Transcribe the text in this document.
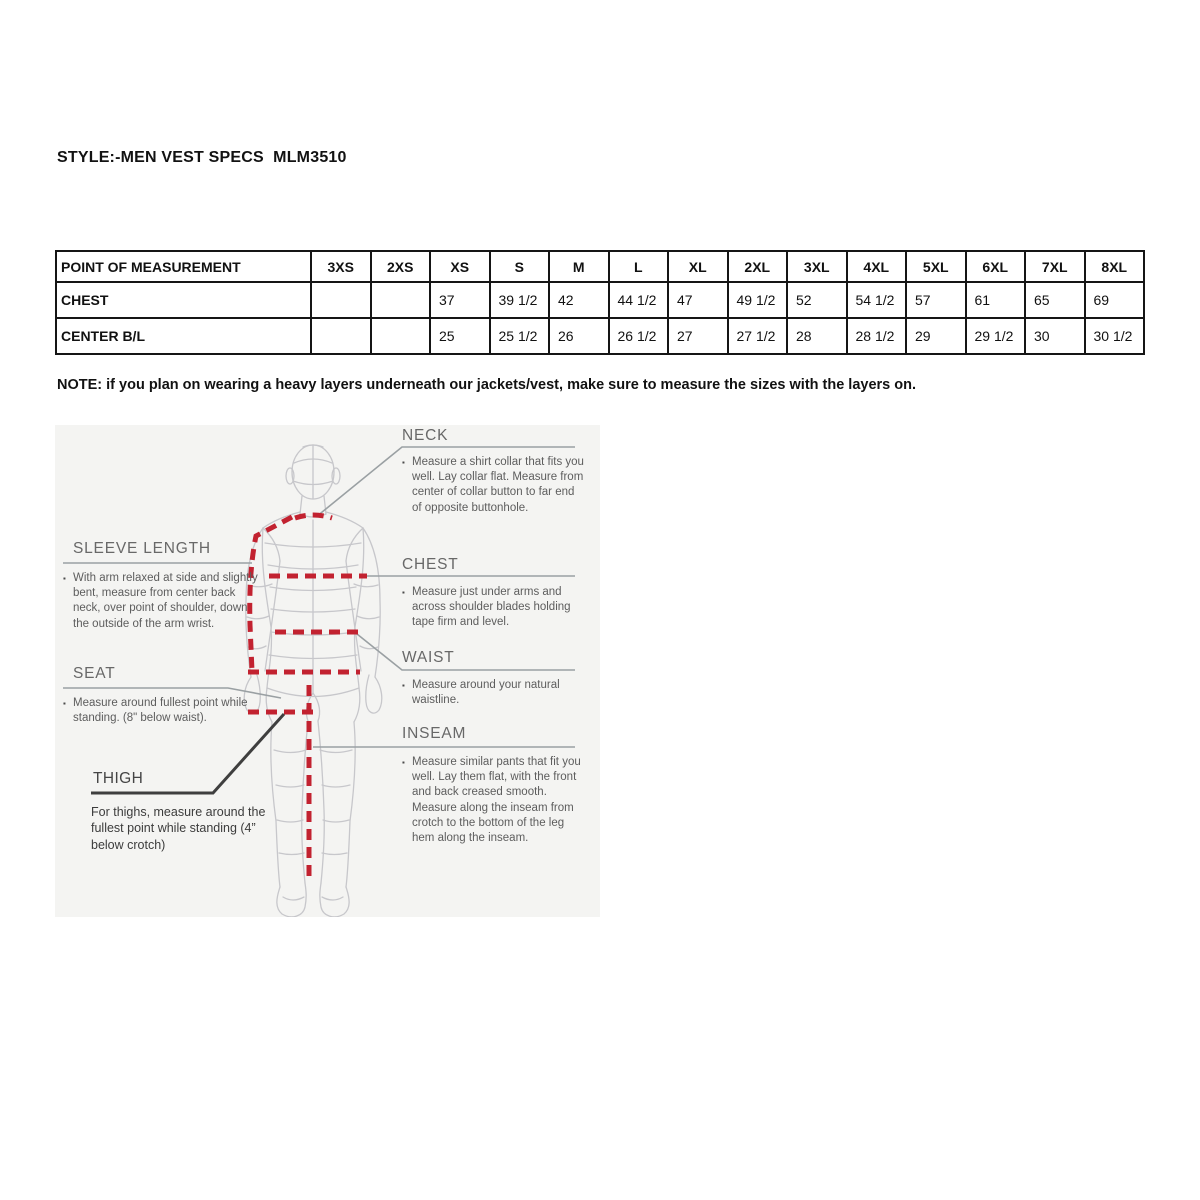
STYLE:-MEN VEST SPECS  MLM3510
POINT OF MEASUREMENT	3XS	2XS	XS	S	M	L	XL	2XL	3XL	4XL	5XL	6XL	7XL	8XL
CHEST			37	39 1/2	42	44 1/2	47	49 1/2	52	54 1/2	57	61	65	69
CENTER B/L			25	25 1/2	26	26 1/2	27	27 1/2	28	28 1/2	29	29 1/2	30	30 1/2
NOTE: if you plan on wearing a heavy layers underneath our jackets/vest, make sure to measure the sizes with the layers on.
NECK
▪ Measure a shirt collar that fits you well. Lay collar flat. Measure from center of collar button to far end of opposite buttonhole.
CHEST
▪ Measure just under arms and across shoulder blades holding tape firm and level.
WAIST
▪ Measure around your natural waistline.
INSEAM
▪ Measure similar pants that fit you well. Lay them flat, with the front and back creased smooth. Measure along the inseam from crotch to the bottom of the leg hem along the inseam.
SLEEVE LENGTH
▪ With arm relaxed at side and slightly bent, measure from center back neck, over point of shoulder, down the outside of the arm wrist.
SEAT
▪ Measure around fullest point while standing. (8" below waist).
THIGH
For thighs, measure around the fullest point while standing (4” below crotch)
